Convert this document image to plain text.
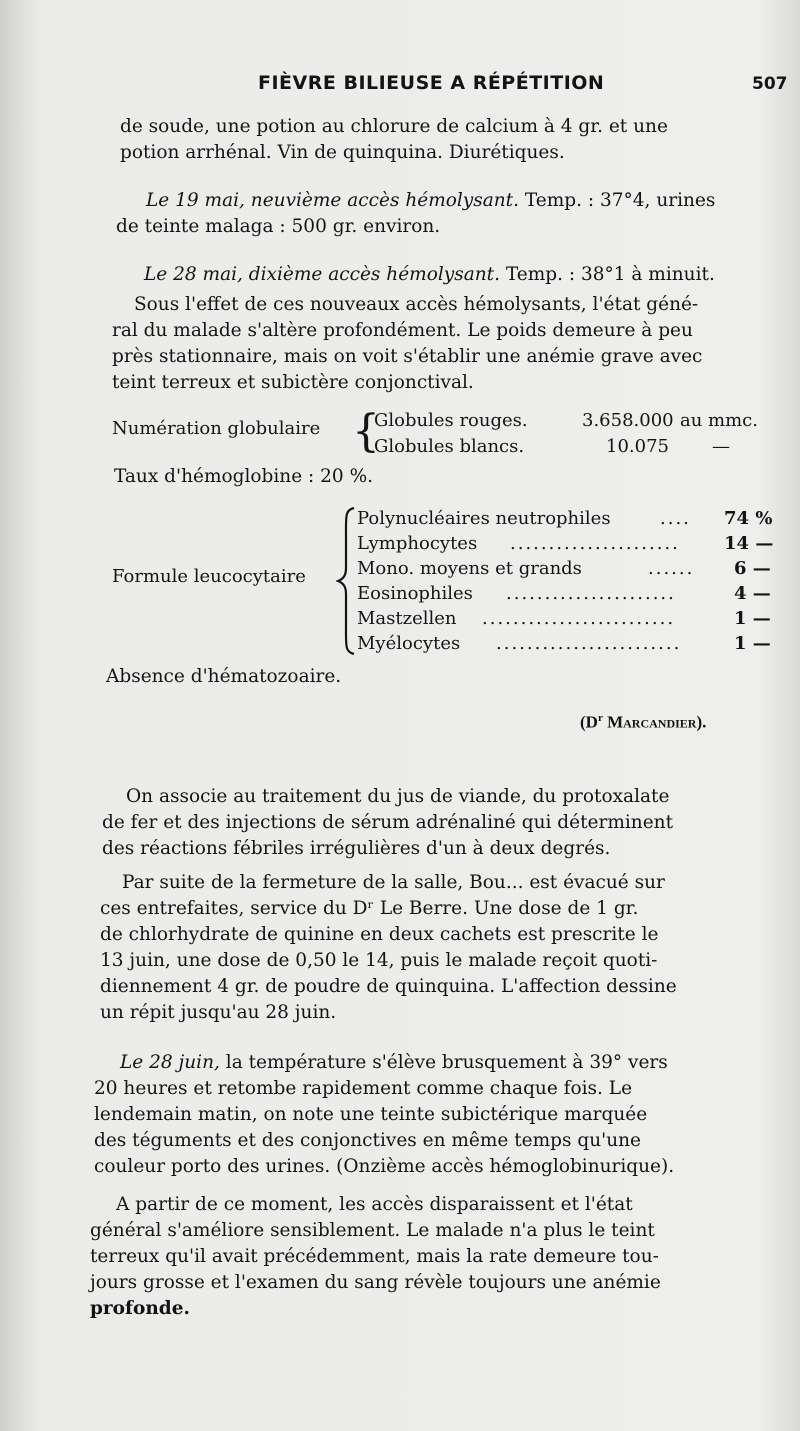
FIÈVRE BILIEUSE A RÉPÉTITION	507
de soude, une potion au chlorure de calcium à 4 gr. et une
potion arrhénal. Vin de quinquina. Diurétiques.
Le 19 mai, neuvième accès hémolysant. Temp. : 37°4, urines
de teinte malaga : 500 gr. environ.
Le 28 mai, dixième accès hémolysant. Temp. : 38°1 à minuit.
Sous l'effet de ces nouveaux accès hémolysants, l'état géné-
ral du malade s'altère profondément. Le poids demeure à peu
près stationnaire, mais on voit s'établir une anémie grave avec
teint terreux et subictère conjonctival.
Numération globulaire {
Globules rouges.	3.658.000 au mmc.
Globules blancs.	10.075 —
Taux d'hémoglobine : 20 %.
Formule leucocytaire
Polynucléaires neutrophiles	....	74 %
Lymphocytes ......................	14 —
Mono. moyens et grands	......	6 —
Eosinophiles ......................	4 —
Mastzellen .........................	1 —
Myélocytes ........................	1 —
Absence d'hématozoaire.
($D^r$ Marcandier).
On associe au traitement du jus de viande, du protoxalate
de fer et des injections de sérum adrénaliné qui déterminent
des réactions fébriles irrégulières d'un à deux degrés.
Par suite de la fermeture de la salle, Bou... est évacué sur
ces entrefaites, service du Dʳ Le Berre. Une dose de 1 gr.
de chlorhydrate de quinine en deux cachets est prescrite le
13 juin, une dose de 0,50 le 14, puis le malade reçoit quoti-
diennement 4 gr. de poudre de quinquina. L'affection dessine
un répit jusqu'au 28 juin.
Le 28 juin, la température s'élève brusquement à 39° vers
20 heures et retombe rapidement comme chaque fois. Le
lendemain matin, on note une teinte subictérique marquée
des téguments et des conjonctives en même temps qu'une
couleur porto des urines. (Onzième accès hémoglobinurique).
A partir de ce moment, les accès disparaissent et l'état
général s'améliore sensiblement. Le malade n'a plus le teint
terreux qu'il avait précédemment, mais la rate demeure tou-
jours grosse et l'examen du sang révèle toujours une anémie
profonde.
